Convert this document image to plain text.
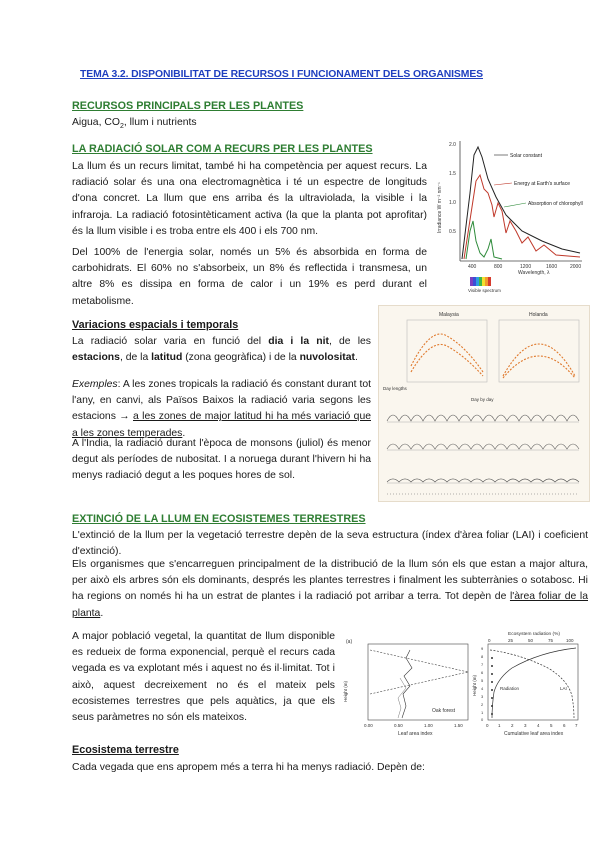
TEMA 3.2. DISPONIBILITAT DE RECURSOS I FUNCIONAMENT DELS ORGANISMES
RECURSOS PRINCIPALS PER LES PLANTES
Aigua, $CO_2$, llum i nutrients
LA RADIACIÓ SOLAR COM A RECURS PER LES PLANTES
La llum és un recurs limitat, també hi ha competència per aquest recurs. La radiació solar és una ona electromagnètica i té un espectre de longituds d'ona concret. La llum que ens arriba és la ultraviolada, la visible i la infraroja. La radiació fotosintèticament activa (la que la planta pot aprofitar) és la llum visible i es troba entre els 400 i els 700 nm.
Del 100% de l'energia solar, només un 5% és absorbida en forma de carbohidrats. El 60% no s'absorbeix, un 8% és reflectida i transmesa, un altre 8% es dissipa en forma de calor i un 19% es perd durant el metabolisme.
Irradiance W m⁻² nm⁻¹
2.0
1.5
1.0
0.5
400	800	1200	1600	2000
Wavelength, λ
Solar constant
Energy at Earth's surface
Absorption of chlorophyll
Visible spectrum
Variacions espacials i temporals
La radiació solar varia en funció del dia i la nit, de les estacions, de la latitud (zona geogràfica) i de la nuvolositat.
Exemples: A les zones tropicals la radiació és constant durant tot l'any, en canvi, als Països Baixos la radiació varia segons les estacions → a les zones de major latitud hi ha més variació que a les zones temperades.
A l'Índia, la radiació durant l'època de monsons (juliol) és menor degut als períodes de nubositat. I a noruega durant l'hivern hi ha menys radiació degut a les poques hores de sol.
Malaysia	Holanda
Day lengths
Day by day
EXTINCIÓ DE LA LLUM EN ECOSISTEMES TERRESTRES
L'extinció de la llum per la vegetació terrestre depèn de la seva estructura (índex d'àrea foliar (LAI) i coeficient d'extinció).
Els organismes que s'encarreguen principalment de la distribució de la llum són els que estan a major altura, per això els arbres són els dominants, després les plantes terrestres i finalment les subterrànies o sotabosc. Hi ha regions on només hi ha un estrat de plantes i la radiació pot arribar a terra. Tot depèn de l'àrea foliar de la planta.
A major població vegetal, la quantitat de llum disponible es redueix de forma exponencial, perquè el recurs cada vegada es va explotant més i aquest no és il·limitat. Tot i això, aquest decreixement no és el mateix pels ecosistemes terrestres que pels aquàtics, ja que els seus paràmetres no són els mateixos.
(a)
Height (m)
Oak forest
0.00	0.50	1.00	1.50
Leaf area index
Ecosystem radiation (%)
0	25	50	75	100
Height (m)
9
8
7
6
5
4
3
2
1
0
Radiation	LAI
0 1 2 3 4 5 6 7
Cumulative leaf area index
Ecosistema terrestre
Cada vegada que ens apropem més a terra hi ha menys radiació. Depèn de:
